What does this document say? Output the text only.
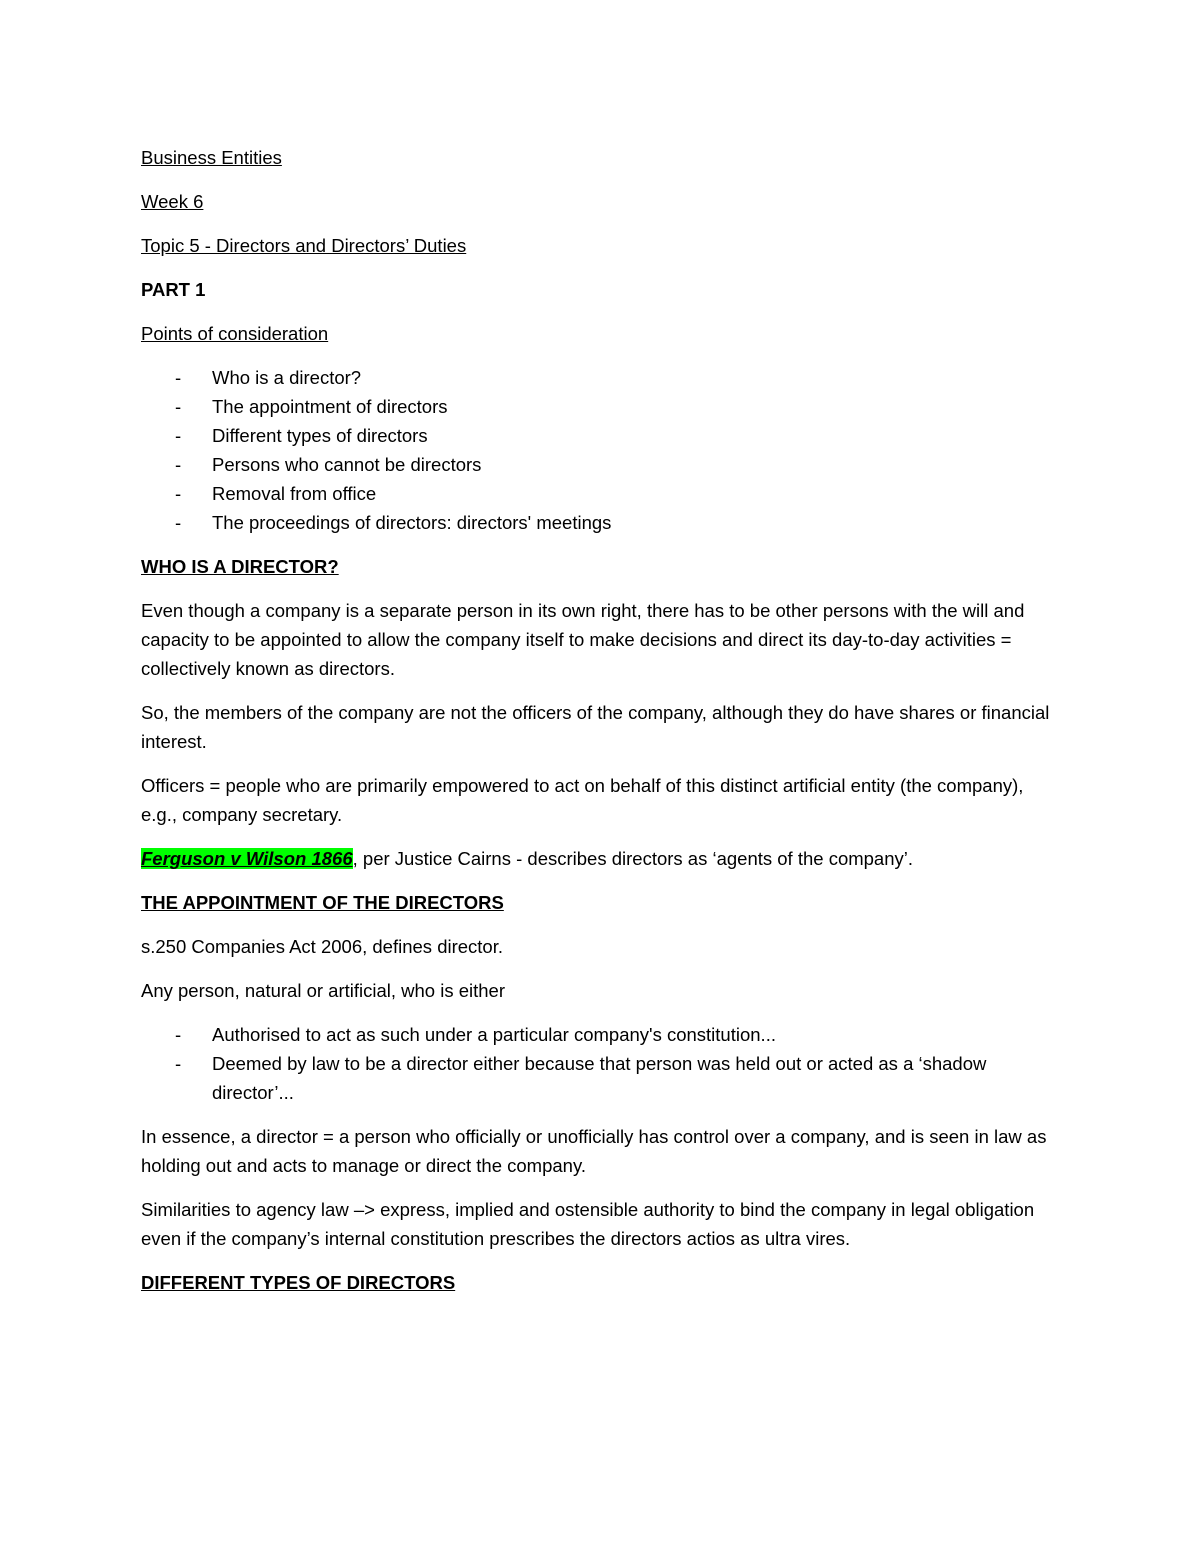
Business Entities

Week 6

Topic 5 - Directors and Directors’ Duties

PART 1

Points of consideration

- Who is a director?
- The appointment of directors
- Different types of directors
- Persons who cannot be directors
- Removal from office
- The proceedings of directors: directors' meetings

WHO IS A DIRECTOR?

Even though a company is a separate person in its own right, there has to be other persons with the will and capacity to be appointed to allow the company itself to make decisions and direct its day-to-day activities = collectively known as directors.

So, the members of the company are not the officers of the company, although they do have shares or financial interest.

Officers = people who are primarily empowered to act on behalf of this distinct artificial entity (the company), e.g., company secretary.

Ferguson v Wilson 1866, per Justice Cairns - describes directors as ‘agents of the company’.

THE APPOINTMENT OF THE DIRECTORS

s.250 Companies Act 2006, defines director.

Any person, natural or artificial, who is either

- Authorised to act as such under a particular company's constitution...
- Deemed by law to be a director either because that person was held out or acted as a ‘shadow director’...

In essence, a director = a person who officially or unofficially has control over a company, and is seen in law as holding out and acts to manage or direct the company.

Similarities to agency law –> express, implied and ostensible authority to bind the company in legal obligation even if the company’s internal constitution prescribes the directors actios as ultra vires.

DIFFERENT TYPES OF DIRECTORS
